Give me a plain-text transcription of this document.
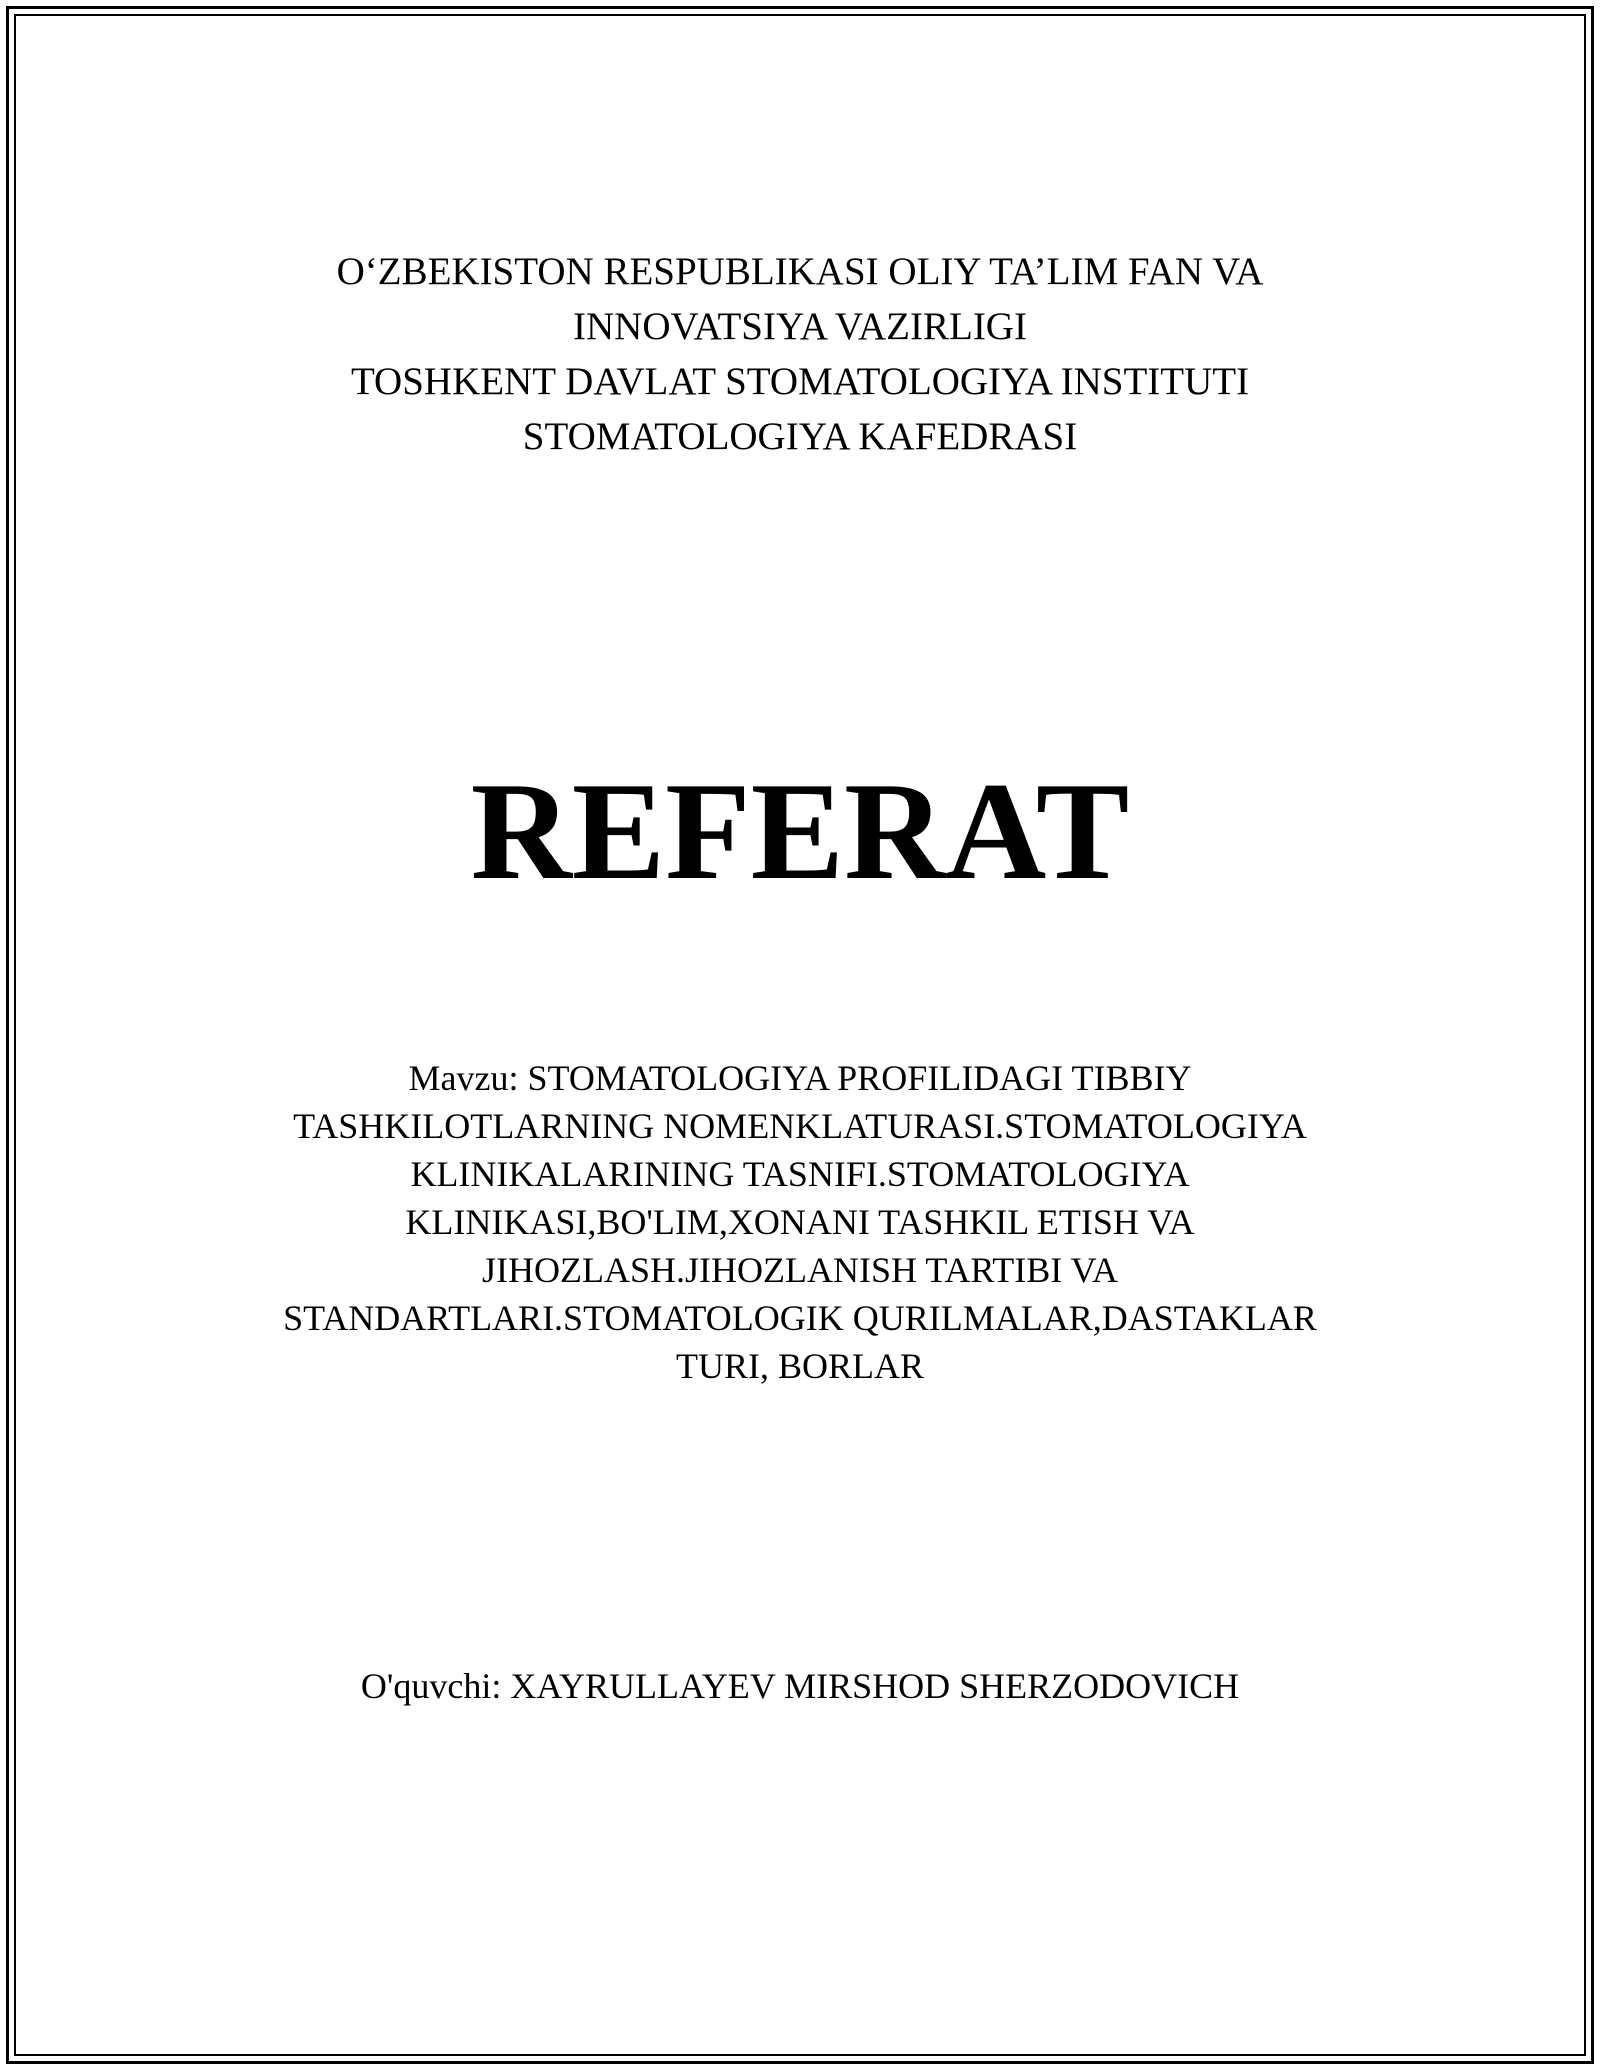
O‘ZBEKISTON RESPUBLIKASI OLIY TA’LIM FAN VA
INNOVATSIYA VAZIRLIGI
TOSHKENT DAVLAT STOMATOLOGIYA INSTITUTI
STOMATOLOGIYA KAFEDRASI
REFERAT
Mavzu: STOMATOLOGIYA PROFILIDAGI TIBBIY
TASHKILOTLARNING NOMENKLATURASI.STOMATOLOGIYA
KLINIKALARINING TASNIFI.STOMATOLOGIYA
KLINIKASI,BO'LIM,XONANI TASHKIL ETISH VA
JIHOZLASH.JIHOZLANISH TARTIBI VA
STANDARTLARI.STOMATOLOGIK QURILMALAR,DASTAKLAR
TURI, BORLAR
O'quvchi: XAYRULLAYEV MIRSHOD SHERZODOVICH
